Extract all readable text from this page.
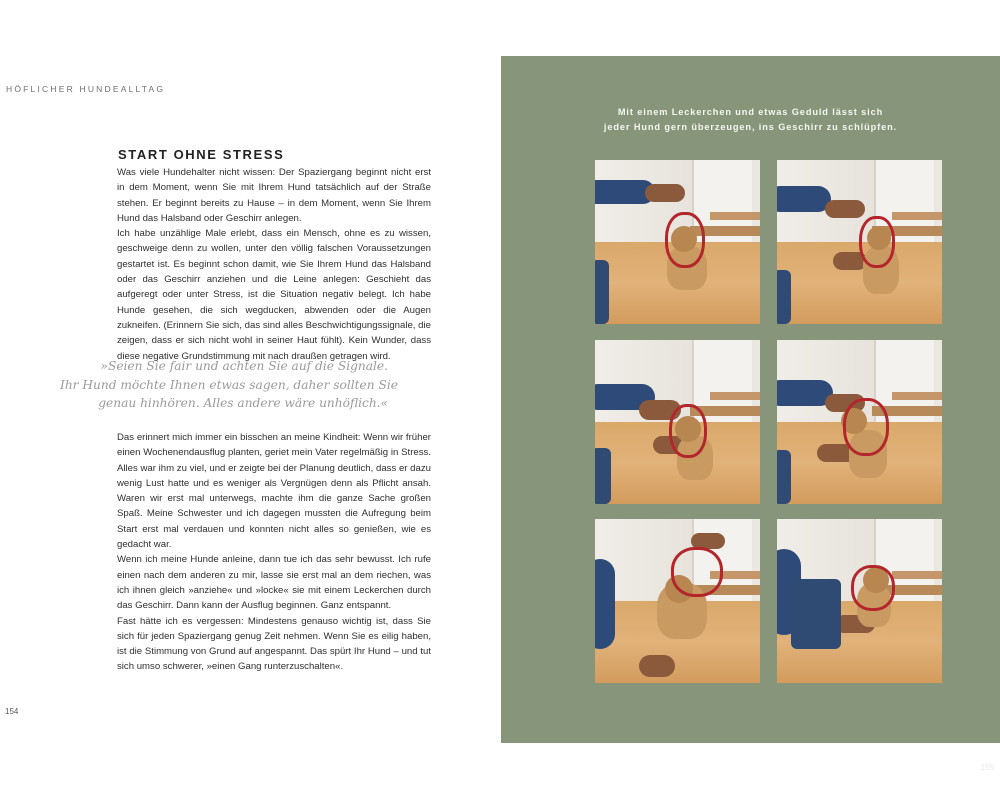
HÖFLICHER HUNDEALLTAG
START OHNE STRESS

Was viele Hundehalter nicht wissen: Der Spaziergang beginnt nicht erst in dem Moment, wenn Sie mit Ihrem Hund tatsächlich auf der Straße stehen. Er beginnt bereits zu Hause – in dem Moment, wenn Sie Ihrem Hund das Halsband oder Geschirr anlegen.

Ich habe unzählige Male erlebt, dass ein Mensch, ohne es zu wissen, geschweige denn zu wollen, unter den völlig falschen Voraussetzungen gestartet ist. Es beginnt schon damit, wie Sie Ihrem Hund das Halsband oder das Geschirr anziehen und die Leine anlegen: Geschieht das aufgeregt oder unter Stress, ist die Situation negativ belegt. Ich habe Hunde gesehen, die sich wegducken, abwenden oder die Augen zukneifen. (Erinnern Sie sich, das sind alles Beschwichtigungssignale, die zeigen, dass er sich nicht wohl in seiner Haut fühlt). Kein Wunder, dass diese negative Grundstimmung mit nach draußen getragen wird.

»Seien Sie fair und achten Sie auf die Signale.
Ihr Hund möchte Ihnen etwas sagen, daher sollten Sie
genau hinhören. Alles andere wäre unhöflich.«

Das erinnert mich immer ein bisschen an meine Kindheit: Wenn wir früher einen Wochenendausflug planten, geriet mein Vater regelmäßig in Stress. Alles war ihm zu viel, und er zeigte bei der Planung deutlich, dass er dazu wenig Lust hatte und es weniger als Vergnügen denn als Pflicht ansah. Waren wir erst mal unterwegs, machte ihm die ganze Sache großen Spaß. Meine Schwester und ich dagegen mussten die Aufregung beim Start erst mal verdauen und konnten nicht alles so genießen, wie es gedacht war.

Wenn ich meine Hunde anleine, dann tue ich das sehr bewusst. Ich rufe einen nach dem anderen zu mir, lasse sie erst mal an dem riechen, was ich ihnen gleich »anziehe« und »locke« sie mit einem Leckerchen durch das Geschirr. Dann kann der Ausflug beginnen. Ganz entspannt.

Fast hätte ich es vergessen: Mindestens genauso wichtig ist, dass Sie sich für jeden Spaziergang genug Zeit nehmen. Wenn Sie es eilig haben, ist die Stimmung von Grund auf angespannt. Das spürt Ihr Hund – und tut sich umso schwerer, »einen Gang runterzuschalten«.

154
Mit einem Leckerchen und etwas Geduld lässt sich
jeder Hund gern überzeugen, ins Geschirr zu schlüpfen.
155
